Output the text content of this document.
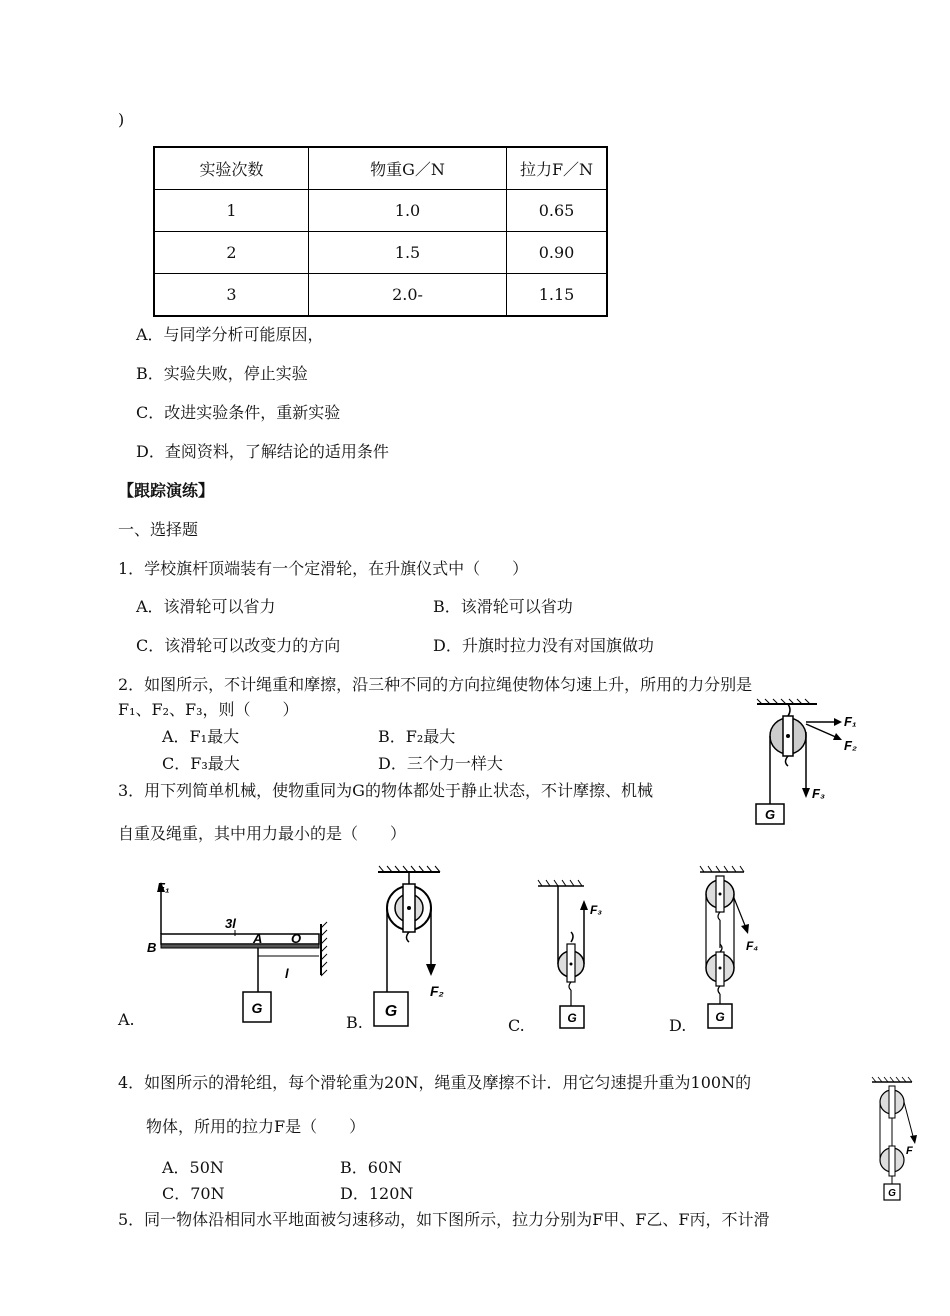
)
实验次数	物重G／N	拉力F／N
1	1.0	0.65
2	1.5	0.90
3	2.0-	1.15
A．与同学分析可能原因，
B．实验失败，停止实验
C．改进实验条件，重新实验
D．查阅资料，了解结论的适用条件
【跟踪演练】
一、选择题
1．学校旗杆顶端装有一个定滑轮，在升旗仪式中（　　）
A．该滑轮可以省力	B．该滑轮可以省功
C．该滑轮可以改变力的方向	D．升旗时拉力没有对国旗做功
2．如图所示，不计绳重和摩擦，沿三种不同的方向拉绳使物体匀速上升，所用的力分别是
F₁、F₂、F₃，则（　　）
A．F₁最大	B．F₂最大
C．F₃最大	D．三个力一样大
G
F₁
F₂
F₃
3．用下列简单机械，使物重同为G的物体都处于静止状态，不计摩擦、机械
自重及绳重，其中用力最小的是（　　）
F₁
3l
B
A O
l
G
A.
F₂
G
B.
F₃
G
C.
F₄
G
D.
4．如图所示的滑轮组，每个滑轮重为20N，绳重及摩擦不计．用它匀速提升重为100N的
物体，所用的拉力F是（　　）
A．50N	B．60N
C．70N	D．120N
F
G
5．同一物体沿相同水平地面被匀速移动，如下图所示，拉力分别为F甲、F乙、F丙，不计滑
